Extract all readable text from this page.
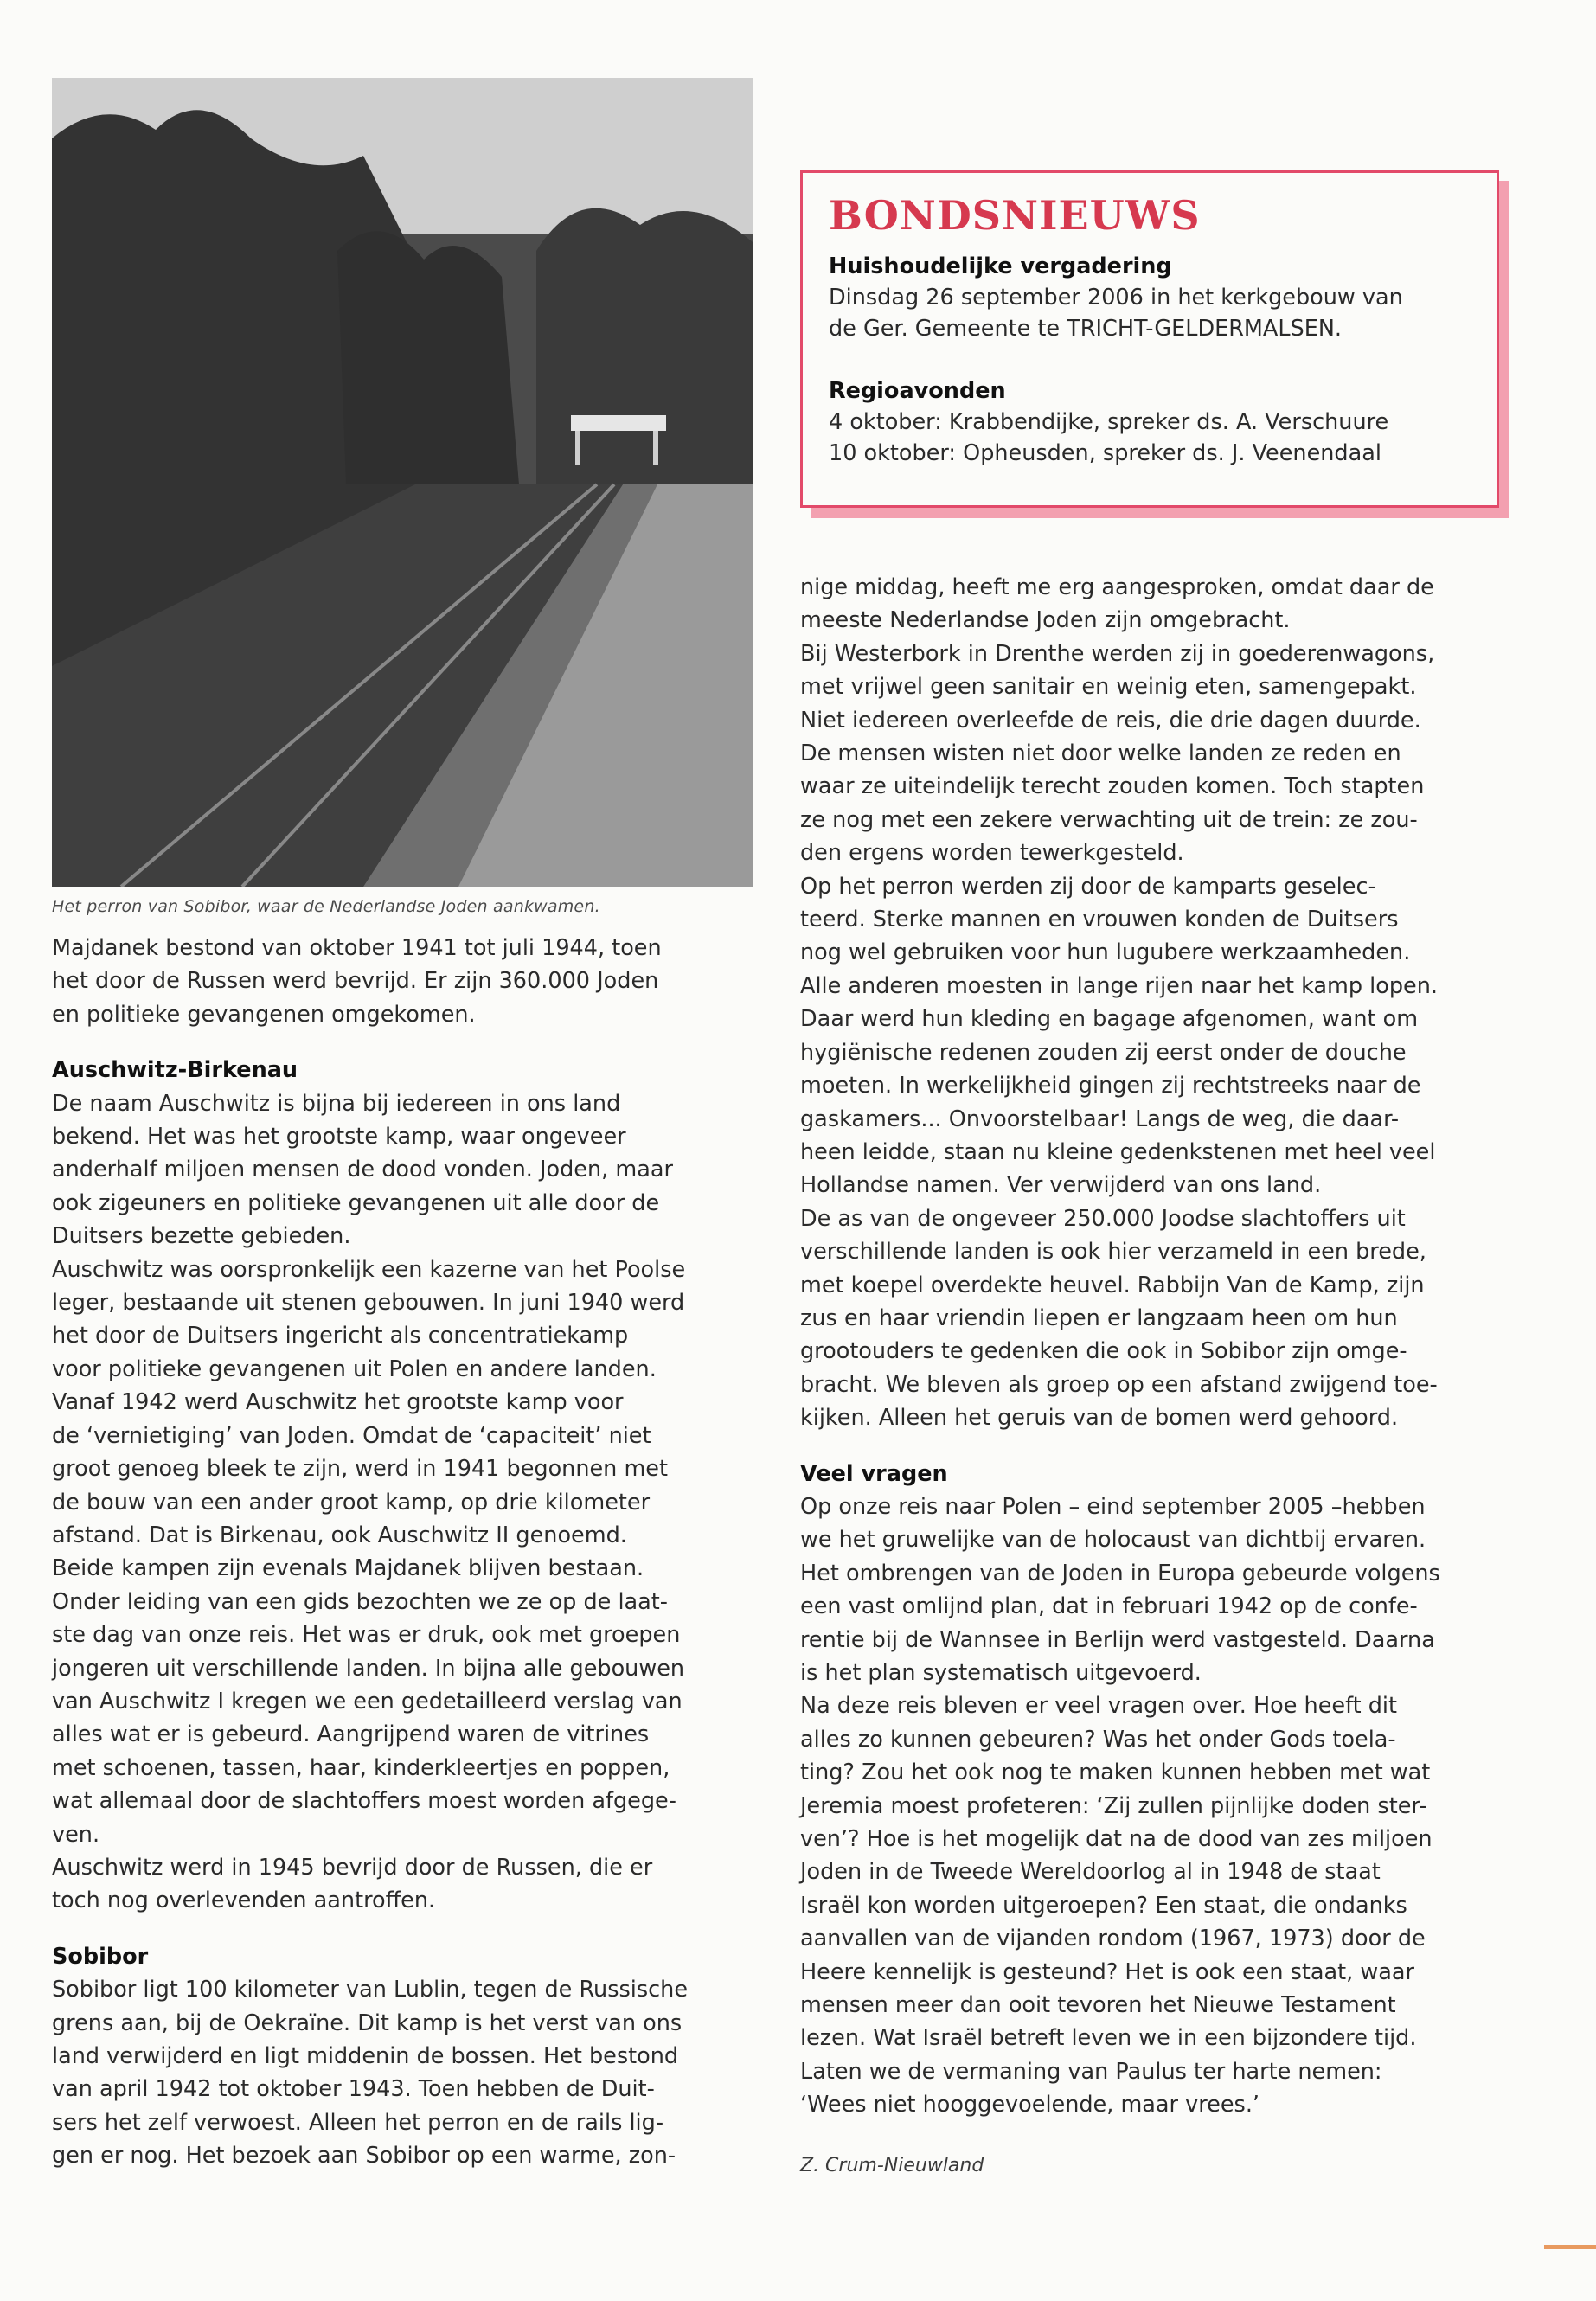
Het perron van Sobibor, waar de Nederlandse Joden aankwamen.

Majdanek bestond van oktober 1941 tot juli 1944, toen

het door de Russen werd bevrijd. Er zijn 360.000 Joden

en politieke gevangenen omgekomen.

Auschwitz-Birkenau

De naam Auschwitz is bijna bij iedereen in ons land

bekend. Het was het grootste kamp, waar ongeveer

anderhalf miljoen mensen de dood vonden. Joden, maar

ook zigeuners en politieke gevangenen uit alle door de

Duitsers bezette gebieden.

Auschwitz was oorspronkelijk een kazerne van het Poolse

leger, bestaande uit stenen gebouwen. In juni 1940 werd

het door de Duitsers ingericht als concentratiekamp

voor politieke gevangenen uit Polen en andere landen.

Vanaf 1942 werd Auschwitz het grootste kamp voor

de ‘vernietiging’ van Joden. Omdat de ‘capaciteit’ niet

groot genoeg bleek te zijn, werd in 1941 begonnen met

de bouw van een ander groot kamp, op drie kilometer

afstand. Dat is Birkenau, ook Auschwitz II genoemd.

Beide kampen zijn evenals Majdanek blijven bestaan.

Onder leiding van een gids bezochten we ze op de laat-

ste dag van onze reis. Het was er druk, ook met groepen

jongeren uit verschillende landen. In bijna alle gebouwen

van Auschwitz I kregen we een gedetailleerd verslag van

alles wat er is gebeurd. Aangrijpend waren de vitrines

met schoenen, tassen, haar, kinderkleertjes en poppen,

wat allemaal door de slachtoffers moest worden afgege-

ven.

Auschwitz werd in 1945 bevrijd door de Russen, die er

toch nog overlevenden aantroffen.

Sobibor

Sobibor ligt 100 kilometer van Lublin, tegen de Russische

grens aan, bij de Oekraïne. Dit kamp is het verst van ons

land verwijderd en ligt middenin de bossen. Het bestond

van april 1942 tot oktober 1943. Toen hebben de Duit-

sers het zelf verwoest. Alleen het perron en de rails lig-

gen er nog. Het bezoek aan Sobibor op een warme, zon-

BONDSNIEUWS
Huishoudelijke vergadering

Dinsdag 26 september 2006 in het kerkgebouw van

de Ger. Gemeente te TRICHT-GELDERMALSEN.

Regioavonden

4 oktober: Krabbendijke, spreker ds. A. Verschuure

10 oktober: Opheusden, spreker ds. J. Veenendaal

nige middag, heeft me erg aangesproken, omdat daar de

meeste Nederlandse Joden zijn omgebracht.

Bij Westerbork in Drenthe werden zij in goederenwagons,

met vrijwel geen sanitair en weinig eten, samengepakt.

Niet iedereen overleefde de reis, die drie dagen duurde.

De mensen wisten niet door welke landen ze reden en

waar ze uiteindelijk terecht zouden komen. Toch stapten

ze nog met een zekere verwachting uit de trein: ze zou-

den ergens worden tewerkgesteld.

Op het perron werden zij door de kamparts geselec-

teerd. Sterke mannen en vrouwen konden de Duitsers

nog wel gebruiken voor hun lugubere werkzaamheden.

Alle anderen moesten in lange rijen naar het kamp lopen.

Daar werd hun kleding en bagage afgenomen, want om

hygiënische redenen zouden zij eerst onder de douche

moeten. In werkelijkheid gingen zij rechtstreeks naar de

gaskamers... Onvoorstelbaar! Langs de weg, die daar-

heen leidde, staan nu kleine gedenkstenen met heel veel

Hollandse namen. Ver verwijderd van ons land.

De as van de ongeveer 250.000 Joodse slachtoffers uit

verschillende landen is ook hier verzameld in een brede,

met koepel overdekte heuvel. Rabbijn Van de Kamp, zijn

zus en haar vriendin liepen er langzaam heen om hun

grootouders te gedenken die ook in Sobibor zijn omge-

bracht. We bleven als groep op een afstand zwijgend toe-

kijken. Alleen het geruis van de bomen werd gehoord.

Veel vragen

Op onze reis naar Polen – eind september 2005 –hebben

we het gruwelijke van de holocaust van dichtbij ervaren.

Het ombrengen van de Joden in Europa gebeurde volgens

een vast omlijnd plan, dat in februari 1942 op de confe-

rentie bij de Wannsee in Berlijn werd vastgesteld. Daarna

is het plan systematisch uitgevoerd.

Na deze reis bleven er veel vragen over. Hoe heeft dit

alles zo kunnen gebeuren? Was het onder Gods toela-

ting? Zou het ook nog te maken kunnen hebben met wat

Jeremia moest profeteren: ‘Zij zullen pijnlijke doden ster-

ven’? Hoe is het mogelijk dat na de dood van zes miljoen

Joden in de Tweede Wereldoorlog al in 1948 de staat

Israël kon worden uitgeroepen? Een staat, die ondanks

aanvallen van de vijanden rondom (1967, 1973) door de

Heere kennelijk is gesteund? Het is ook een staat, waar

mensen meer dan ooit tevoren het Nieuwe Testament

lezen. Wat Israël betreft leven we in een bijzondere tijd.

Laten we de vermaning van Paulus ter harte nemen:

‘Wees niet hooggevoelende, maar vrees.’

Z. Crum-Nieuwland
